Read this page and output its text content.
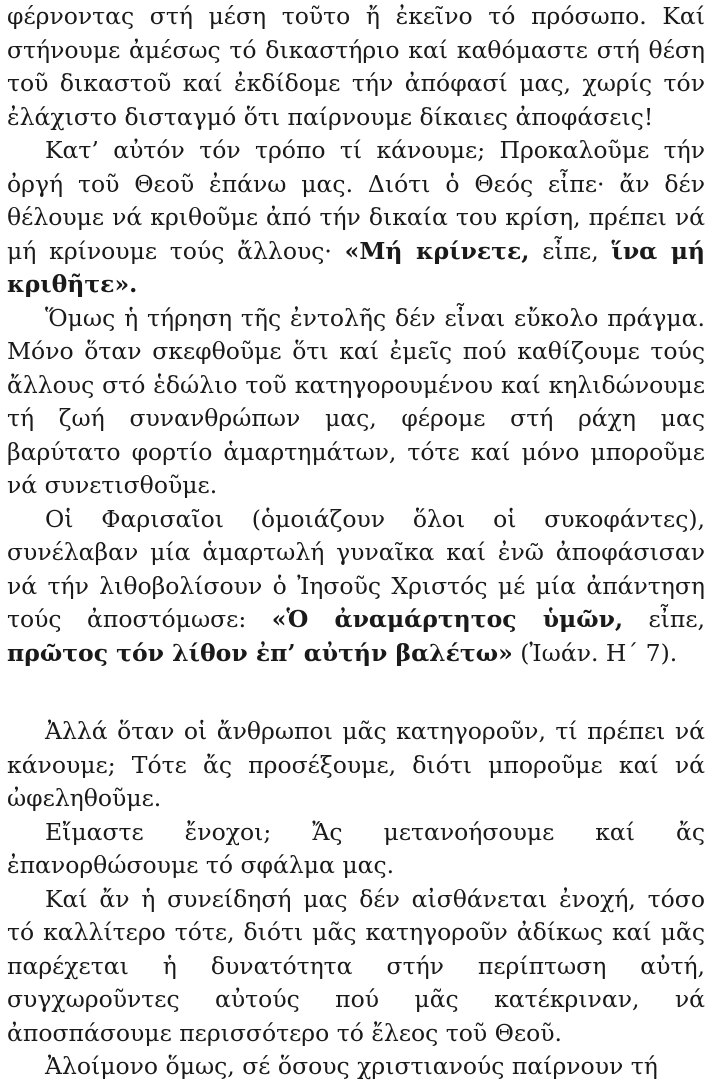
φέρνοντας στή μέση τοῦτο ἤ ἐκεῖνο τό πρόσωπο. Καί στήνουμε ἀμέσως τό δικαστήριο καί καθόμαστε στή θέση τοῦ δικαστοῦ καί ἐκδίδομε τήν ἀπόφασί μας, χωρίς τόν ἐλάχιστο δισταγμό ὅτι παίρνουμε δίκαιες ἀποφάσεις!

Κατ’ αὐτόν τόν τρόπο τί κάνουμε; Προκαλοῦμε τήν ὀργή τοῦ Θεοῦ ἐπάνω μας. Διότι ὁ Θεός εἶπε· ἄν δέν θέλουμε νά κριθοῦμε ἀπό τήν δικαία του κρίση, πρέπει νά μή κρίνουμε τούς ἄλλους· «Μή κρίνετε, εἶπε, ἵνα μή κριθῆτε».

Ὅμως ἡ τήρηση τῆς ἐντολῆς δέν εἶναι εὔκολο πράγμα. Μόνο ὅταν σκεφθοῦμε ὅτι καί ἐμεῖς πού καθίζουμε τούς ἄλλους στό ἑδώλιο τοῦ κατηγορουμένου καί κηλιδώνουμε τή ζωή συνανθρώπων μας, φέρομε στή ράχη μας βαρύτατο φορτίο ἁμαρτημάτων, τότε καί μόνο μποροῦμε νά συνετισθοῦμε.

Οἱ Φαρισαῖοι (ὁμοιάζουν ὅλοι οἱ συκοφάντες), συνέλαβαν μία ἁμαρτωλή γυναῖκα καί ἐνῶ ἀποφάσισαν νά τήν λιθοβολίσουν ὁ Ἰησοῦς Χριστός μέ μία ἀπάντηση τούς ἀποστόμωσε: «Ὁ ἀναμάρτητος ὑμῶν, εἶπε, πρῶτος τόν λίθον ἐπ’ αὐτήν βαλέτω» (Ἰωάν. Η΄ 7).

Ἀλλά ὅταν οἱ ἄνθρωποι μᾶς κατηγοροῦν, τί πρέπει νά κάνουμε; Τότε ἄς προσέξουμε, διότι μποροῦμε καί νά ὠφεληθοῦμε.

Εἴμαστε ἔνοχοι; Ἄς μετανοήσουμε καί ἄς ἐπανορθώσουμε τό σφάλμα μας.

Καί ἄν ἡ συνείδησή μας δέν αἰσθάνεται ἐνοχή, τόσο τό καλλίτερο τότε, διότι μᾶς κατηγοροῦν ἀδίκως καί μᾶς παρέχεται ἡ δυνατότητα στήν περίπτωση αὐτή, συγχωροῦντες αὐτούς πού μᾶς κατέκριναν, νά ἀποσπάσουμε περισσότερο τό ἔλεος τοῦ Θεοῦ.

Ἀλοίμονο ὅμως, σέ ὅσους χριστιανούς παίρνουν τή
